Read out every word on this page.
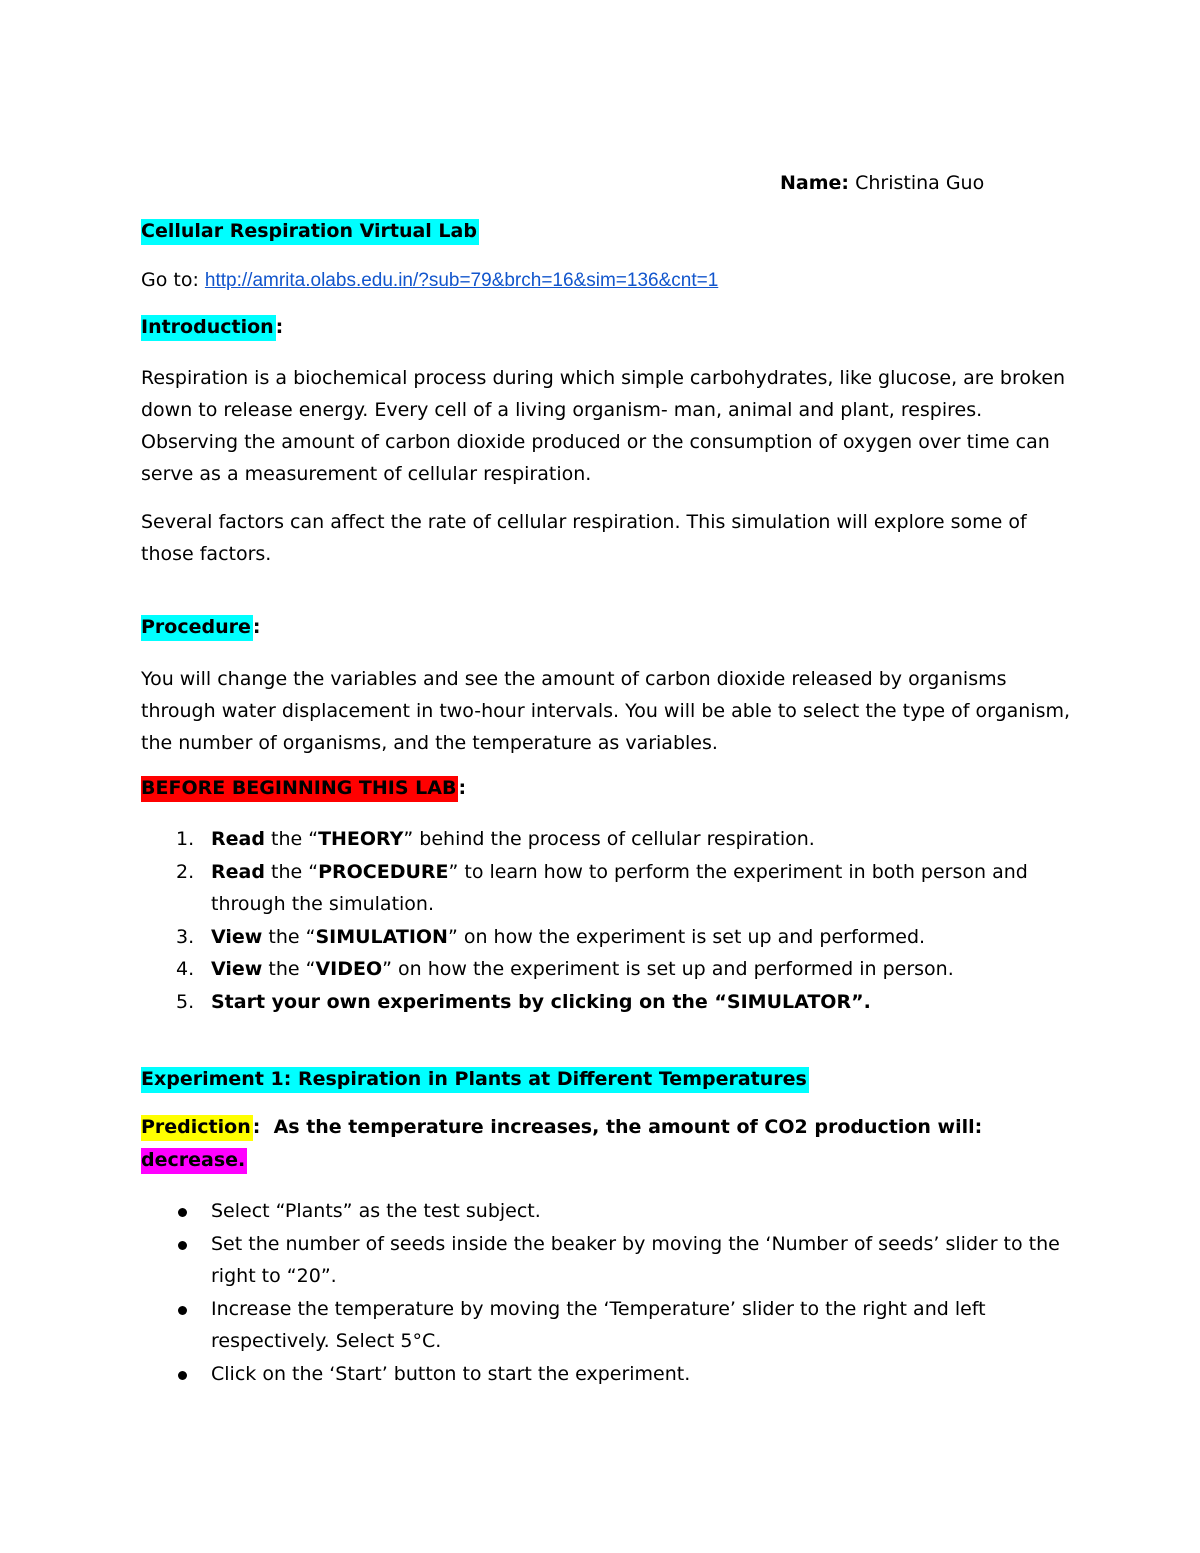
Name: Christina Guo
Cellular Respiration Virtual Lab
Go to: http://amrita.olabs.edu.in/?sub=79&brch=16&sim=136&cnt=1
Introduction :
Respiration is a biochemical process during which simple carbohydrates, like glucose, are broken down to release energy. Every cell of a living organism- man, animal and plant, respires. Observing the amount of carbon dioxide produced or the consumption of oxygen over time can serve as a measurement of cellular respiration.
Several factors can affect the rate of cellular respiration. This simulation will explore some of those factors.
Procedure :
You will change the variables and see the amount of carbon dioxide released by organisms through water displacement in two-hour intervals. You will be able to select the type of organism, the number of organisms, and the temperature as variables.
BEFORE BEGINNING THIS LAB :
1. Read the “THEORY” behind the process of cellular respiration.
2. Read the “PROCEDURE” to learn how to perform the experiment in both person and through the simulation.
3. View the “SIMULATION” on how the experiment is set up and performed.
4. View the “VIDEO” on how the experiment is set up and performed in person.
5. Start your own experiments by clicking on the “SIMULATOR”.
Experiment 1: Respiration in Plants at Different Temperatures
Prediction :  As the temperature increases, the amount of CO2 production will:
decrease.
Select “Plants” as the test subject.
Set the number of seeds inside the beaker by moving the ‘Number of seeds’ slider to the right to “20”.
Increase the temperature by moving the ‘Temperature’ slider to the right and left respectively. Select 5°C.
Click on the ‘Start’ button to start the experiment.
